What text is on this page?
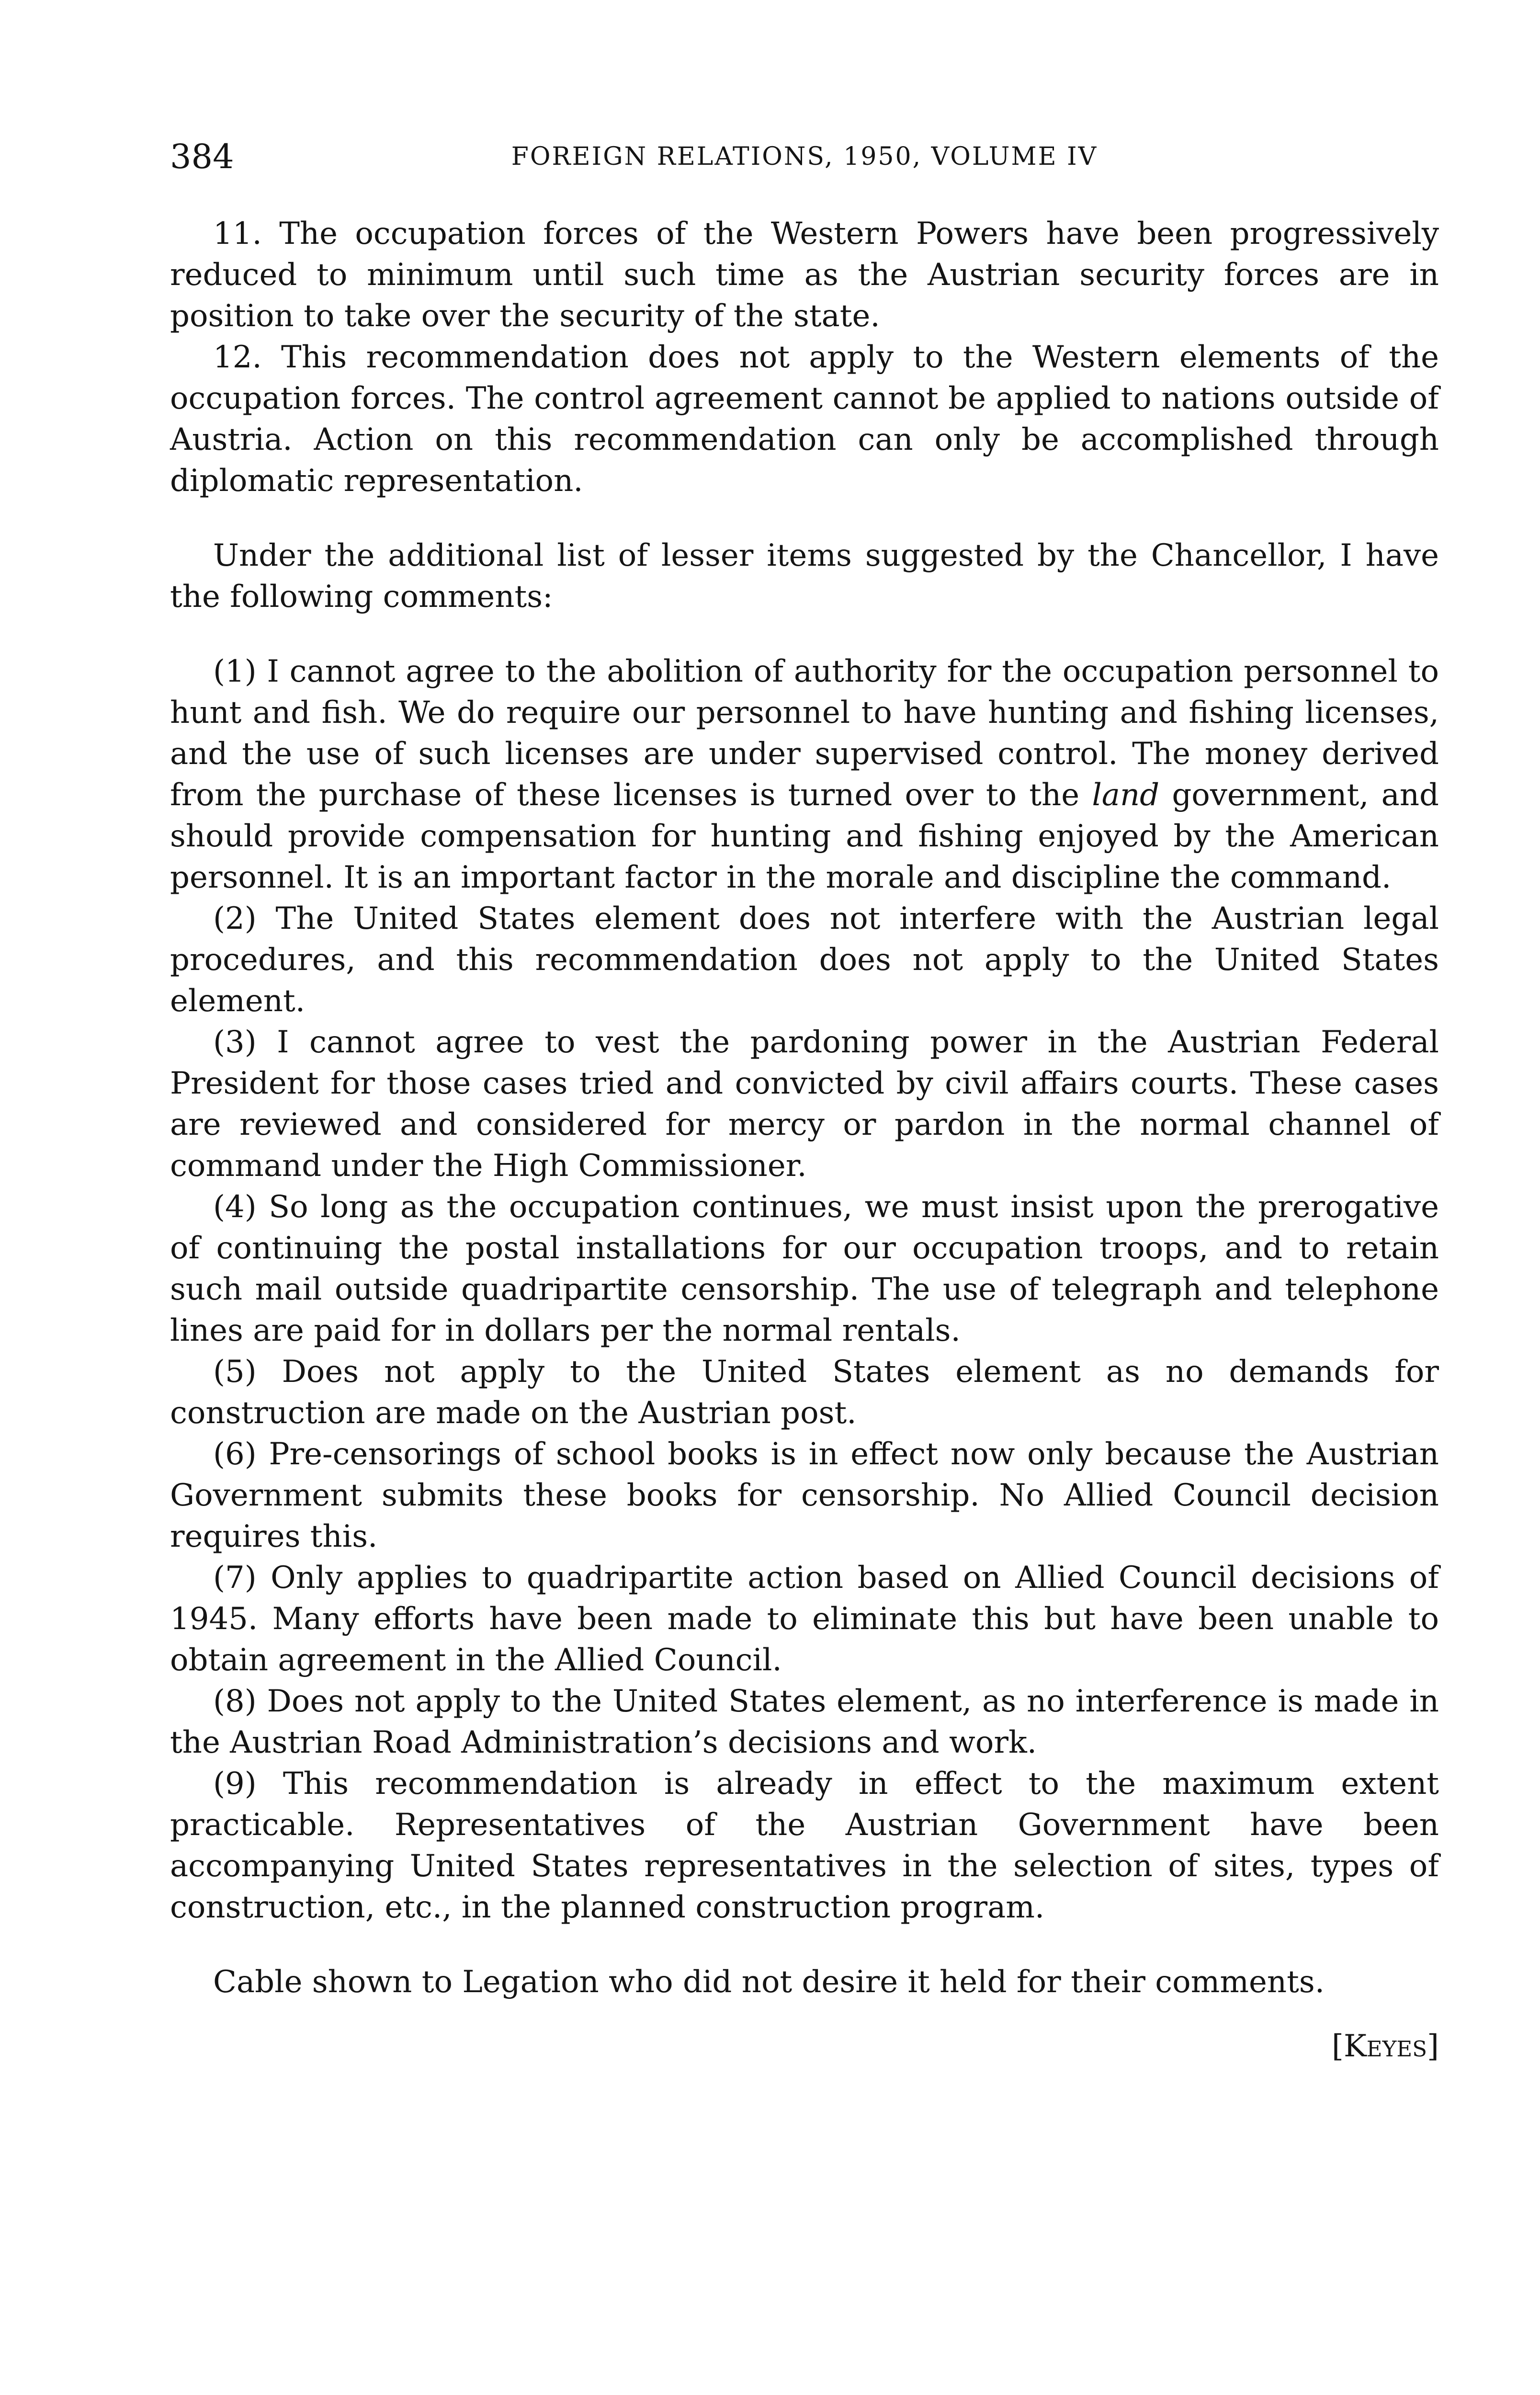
384	FOREIGN RELATIONS, 1950, VOLUME IV

11. The occupation forces of the Western Powers have been progressively reduced to minimum until such time as the Austrian security forces are in position to take over the security of the state.

12. This recommendation does not apply to the Western elements of the occupation forces. The control agreement cannot be applied to nations outside of Austria. Action on this recommendation can only be accomplished through diplomatic representation.

Under the additional list of lesser items suggested by the Chancellor, I have the following comments:

(1) I cannot agree to the abolition of authority for the occupation personnel to hunt and fish. We do require our personnel to have hunting and fishing licenses, and the use of such licenses are under supervised control. The money derived from the purchase of these licenses is turned over to the land government, and should provide compensation for hunting and fishing enjoyed by the American personnel. It is an important factor in the morale and discipline the command.

(2) The United States element does not interfere with the Austrian legal procedures, and this recommendation does not apply to the United States element.

(3) I cannot agree to vest the pardoning power in the Austrian Federal President for those cases tried and convicted by civil affairs courts. These cases are reviewed and considered for mercy or pardon in the normal channel of command under the High Commissioner.

(4) So long as the occupation continues, we must insist upon the prerogative of continuing the postal installations for our occupation troops, and to retain such mail outside quadripartite censorship. The use of telegraph and telephone lines are paid for in dollars per the normal rentals.

(5) Does not apply to the United States element as no demands for construction are made on the Austrian post.

(6) Pre-censorings of school books is in effect now only because the Austrian Government submits these books for censorship. No Allied Council decision requires this.

(7) Only applies to quadripartite action based on Allied Council decisions of 1945. Many efforts have been made to eliminate this but have been unable to obtain agreement in the Allied Council.

(8) Does not apply to the United States element, as no interference is made in the Austrian Road Administration’s decisions and work.

(9) This recommendation is already in effect to the maximum extent practicable. Representatives of the Austrian Government have been accompanying United States representatives in the selection of sites, types of construction, etc., in the planned construction program.

Cable shown to Legation who did not desire it held for their comments.

[Keyes]
